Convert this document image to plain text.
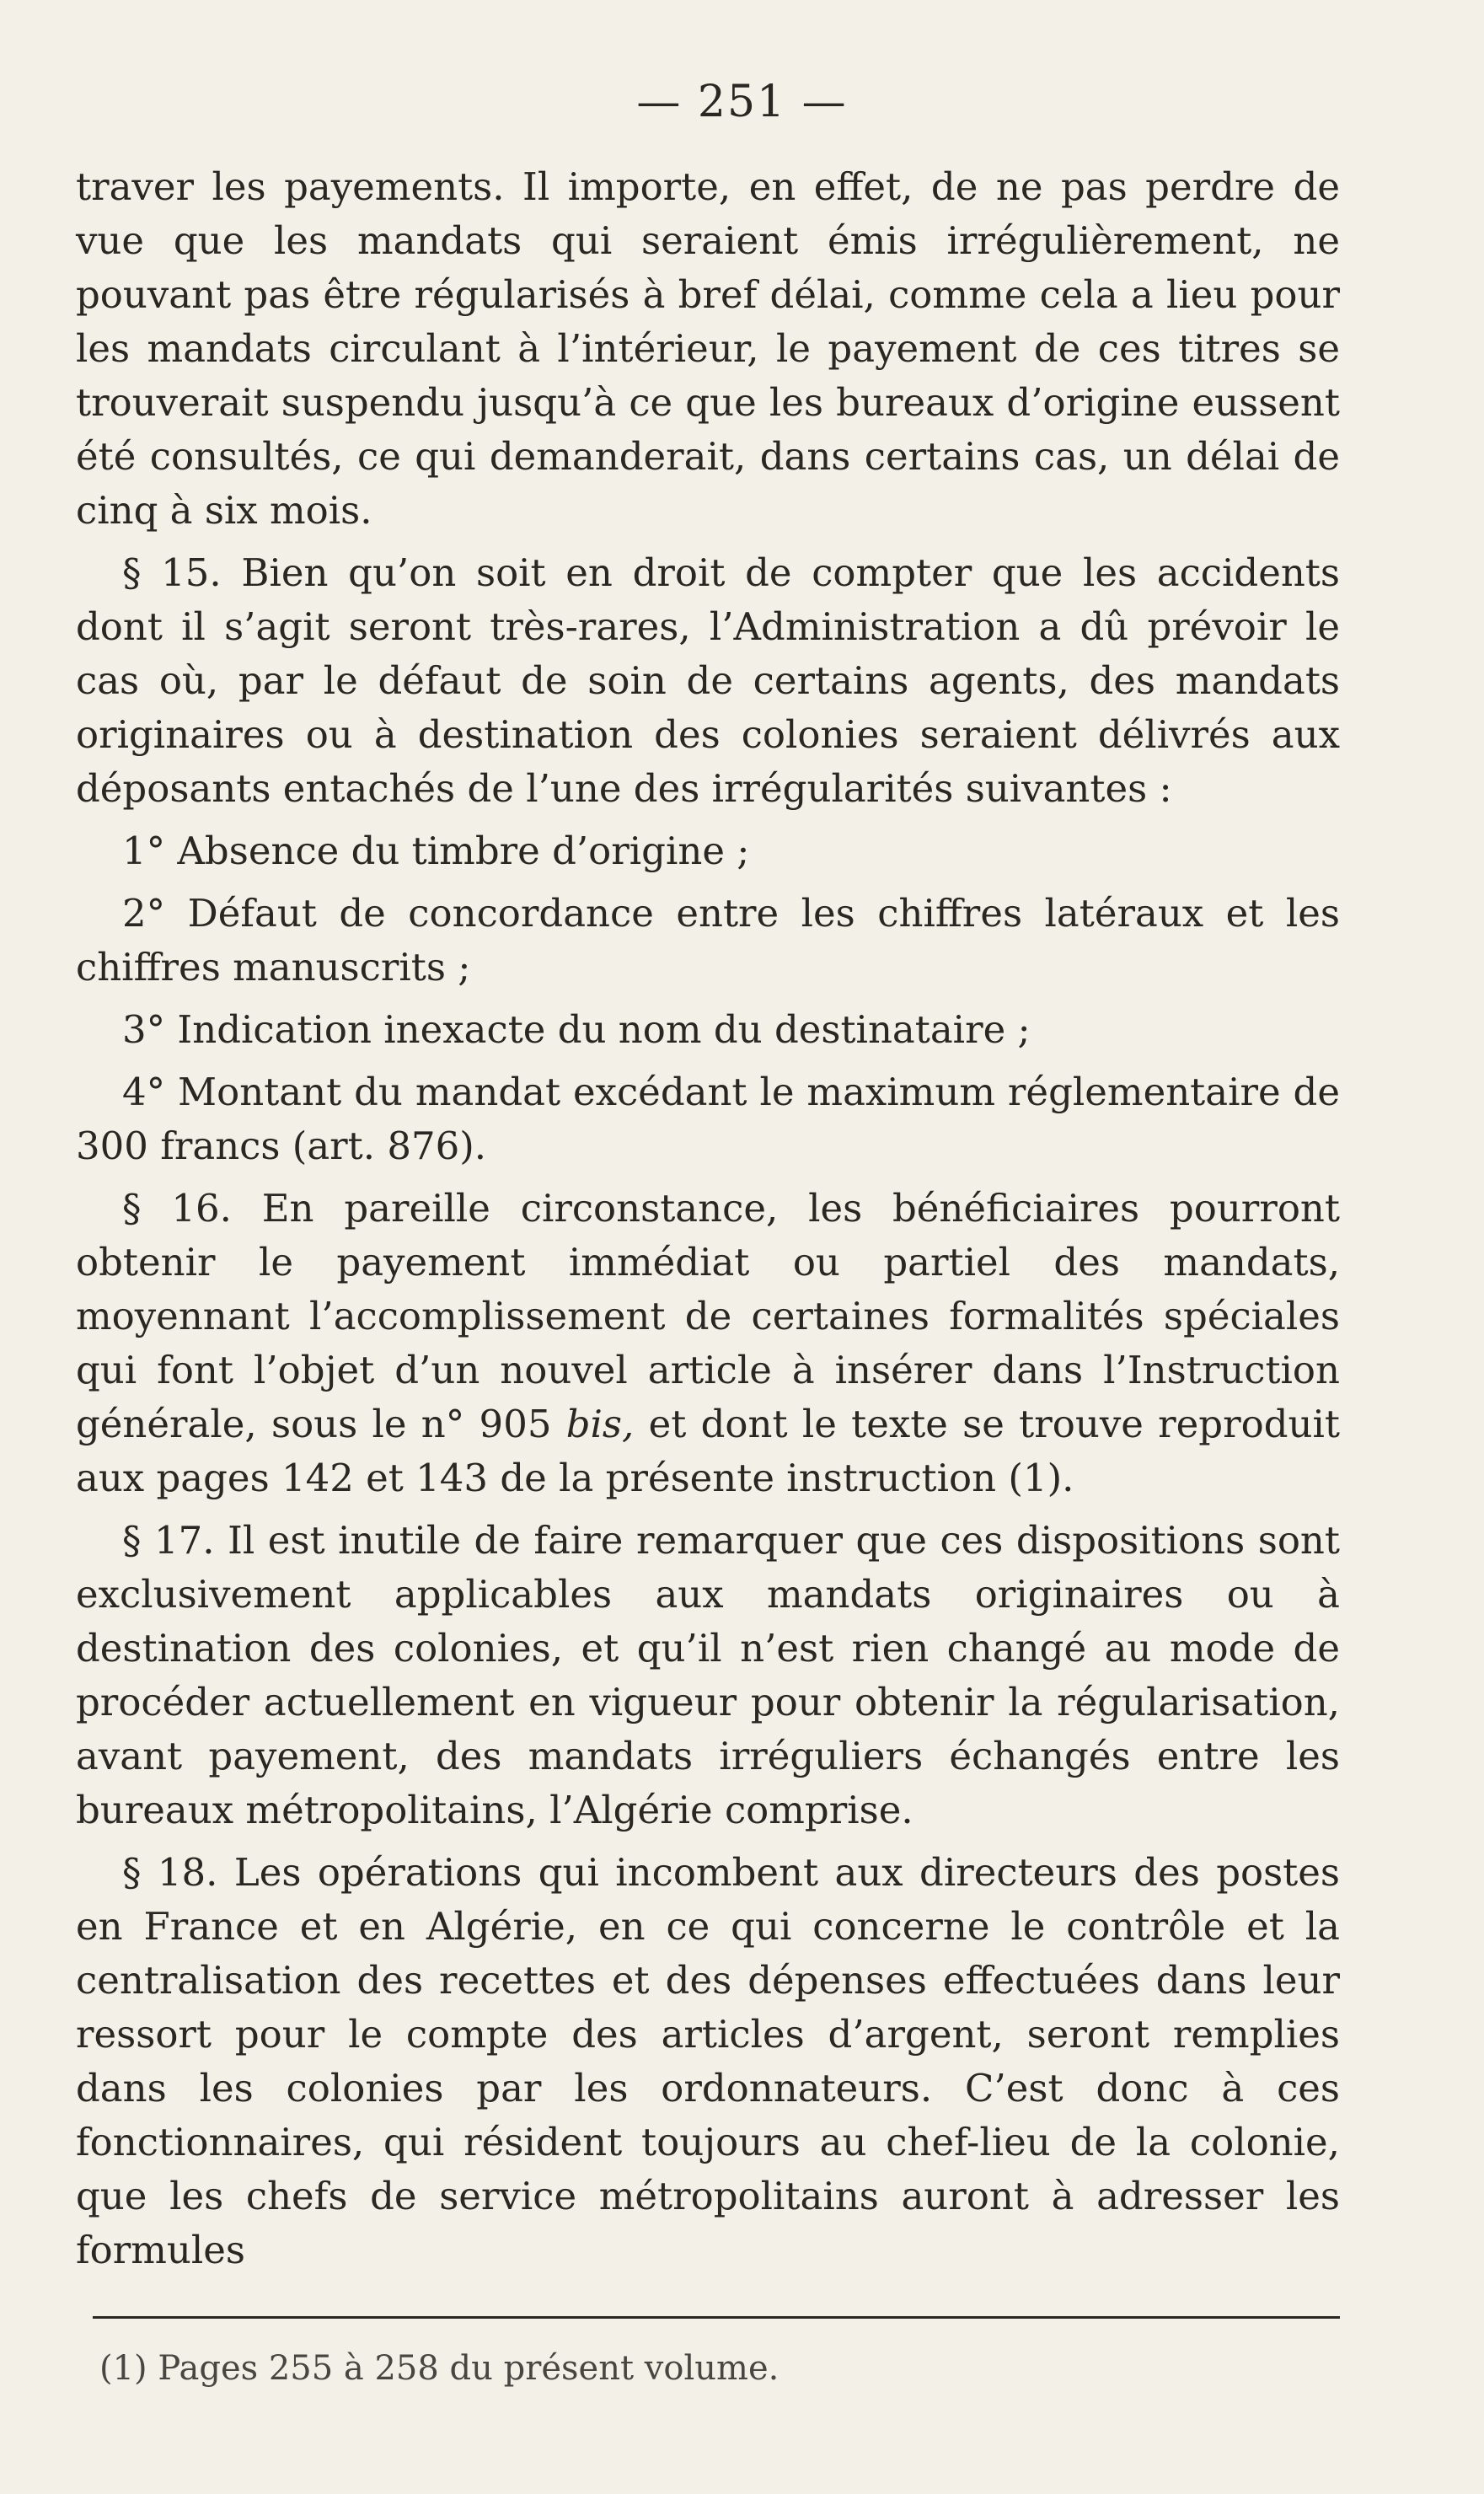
— 251 —

traver les payements. Il importe, en effet, de ne pas perdre de vue que les mandats qui seraient émis irrégulièrement, ne pouvant pas être régularisés à bref délai, comme cela a lieu pour les mandats circulant à l’intérieur, le payement de ces titres se trouverait suspendu jusqu’à ce que les bureaux d’origine eussent été consultés, ce qui demanderait, dans certains cas, un délai de cinq à six mois.

§ 15. Bien qu’on soit en droit de compter que les accidents dont il s’agit seront très-rares, l’Administration a dû prévoir le cas où, par le défaut de soin de certains agents, des mandats originaires ou à destination des colonies seraient délivrés aux déposants entachés de l’une des irrégularités suivantes :

1° Absence du timbre d’origine ;

2° Défaut de concordance entre les chiffres latéraux et les chiffres manuscrits ;

3° Indication inexacte du nom du destinataire ;

4° Montant du mandat excédant le maximum réglementaire de 300 francs (art. 876).

§ 16. En pareille circonstance, les bénéficiaires pourront obtenir le payement immédiat ou partiel des mandats, moyennant l’accomplissement de certaines formalités spéciales qui font l’objet d’un nouvel article à insérer dans l’Instruction générale, sous le n° 905 bis, et dont le texte se trouve reproduit aux pages 142 et 143 de la présente instruction (1).

§ 17. Il est inutile de faire remarquer que ces dispositions sont exclusivement applicables aux mandats originaires ou à destination des colonies, et qu’il n’est rien changé au mode de procéder actuellement en vigueur pour obtenir la régularisation, avant payement, des mandats irréguliers échangés entre les bureaux métropolitains, l’Algérie comprise.

§ 18. Les opérations qui incombent aux directeurs des postes en France et en Algérie, en ce qui concerne le contrôle et la centralisation des recettes et des dépenses effectuées dans leur ressort pour le compte des articles d’argent, seront remplies dans les colonies par les ordonnateurs. C’est donc à ces fonctionnaires, qui résident toujours au chef-lieu de la colonie, que les chefs de service métropolitains auront à adresser les formules

(1) Pages 255 à 258 du présent volume.
